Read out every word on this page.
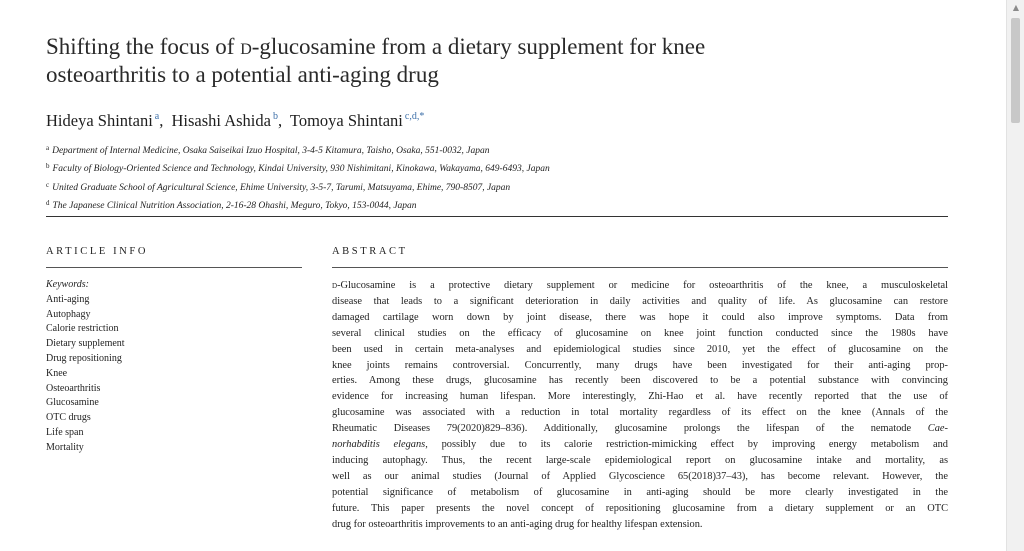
Shifting the focus of d-glucosamine from a dietary supplement for knee
osteoarthritis to a potential anti-aging drug
Hideya Shintani $^a$, Hisashi Ashida $^b$, Tomoya Shintani $^{c,d,*}$
$^a$ Department of Internal Medicine, Osaka Saiseikai Izuo Hospital, 3-4-5 Kitamura, Taisho, Osaka, 551-0032, Japan
$^b$ Faculty of Biology-Oriented Science and Technology, Kindai University, 930 Nishimitani, Kinokawa, Wakayama, 649-6493, Japan
$^c$ United Graduate School of Agricultural Science, Ehime University, 3-5-7, Tarumi, Matsuyama, Ehime, 790-8507, Japan
$^d$ The Japanese Clinical Nutrition Association, 2-16-28 Ohashi, Meguro, Tokyo, 153-0044, Japan
ARTICLE INFO	ABSTRACT
Keywords:
Anti-aging
Autophagy
Calorie restriction
Dietary supplement
Drug repositioning
Knee
Osteoarthritis
Glucosamine
OTC drugs
Life span
Mortality
d-Glucosamine is a protective dietary supplement or medicine for osteoarthritis of the knee, a musculoskeletal
disease that leads to a significant deterioration in daily activities and quality of life. As glucosamine can restore
damaged cartilage worn down by joint disease, there was hope it could also improve symptoms. Data from
several clinical studies on the efficacy of glucosamine on knee joint function conducted since the 1980s have
been used in certain meta-analyses and epidemiological studies since 2010, yet the effect of glucosamine on the
knee joints remains controversial. Concurrently, many drugs have been investigated for their anti-aging prop-
erties. Among these drugs, glucosamine has recently been discovered to be a potential substance with convincing
evidence for increasing human lifespan. More interestingly, Zhi-Hao et al. have recently reported that the use of
glucosamine was associated with a reduction in total mortality regardless of its effect on the knee (Annals of the
Rheumatic Diseases 79(2020)829–836). Additionally, glucosamine prolongs the lifespan of the nematode Cae-
norhabditis elegans, possibly due to its calorie restriction-mimicking effect by improving energy metabolism and
inducing autophagy. Thus, the recent large-scale epidemiological report on glucosamine intake and mortality, as
well as our animal studies (Journal of Applied Glycoscience 65(2018)37–43), has become relevant. However, the
potential significance of metabolism of glucosamine in anti-aging should be more clearly investigated in the
future. This paper presents the novel concept of repositioning glucosamine from a dietary supplement or an OTC
drug for osteoarthritis improvements to an anti-aging drug for healthy lifespan extension.
▲
